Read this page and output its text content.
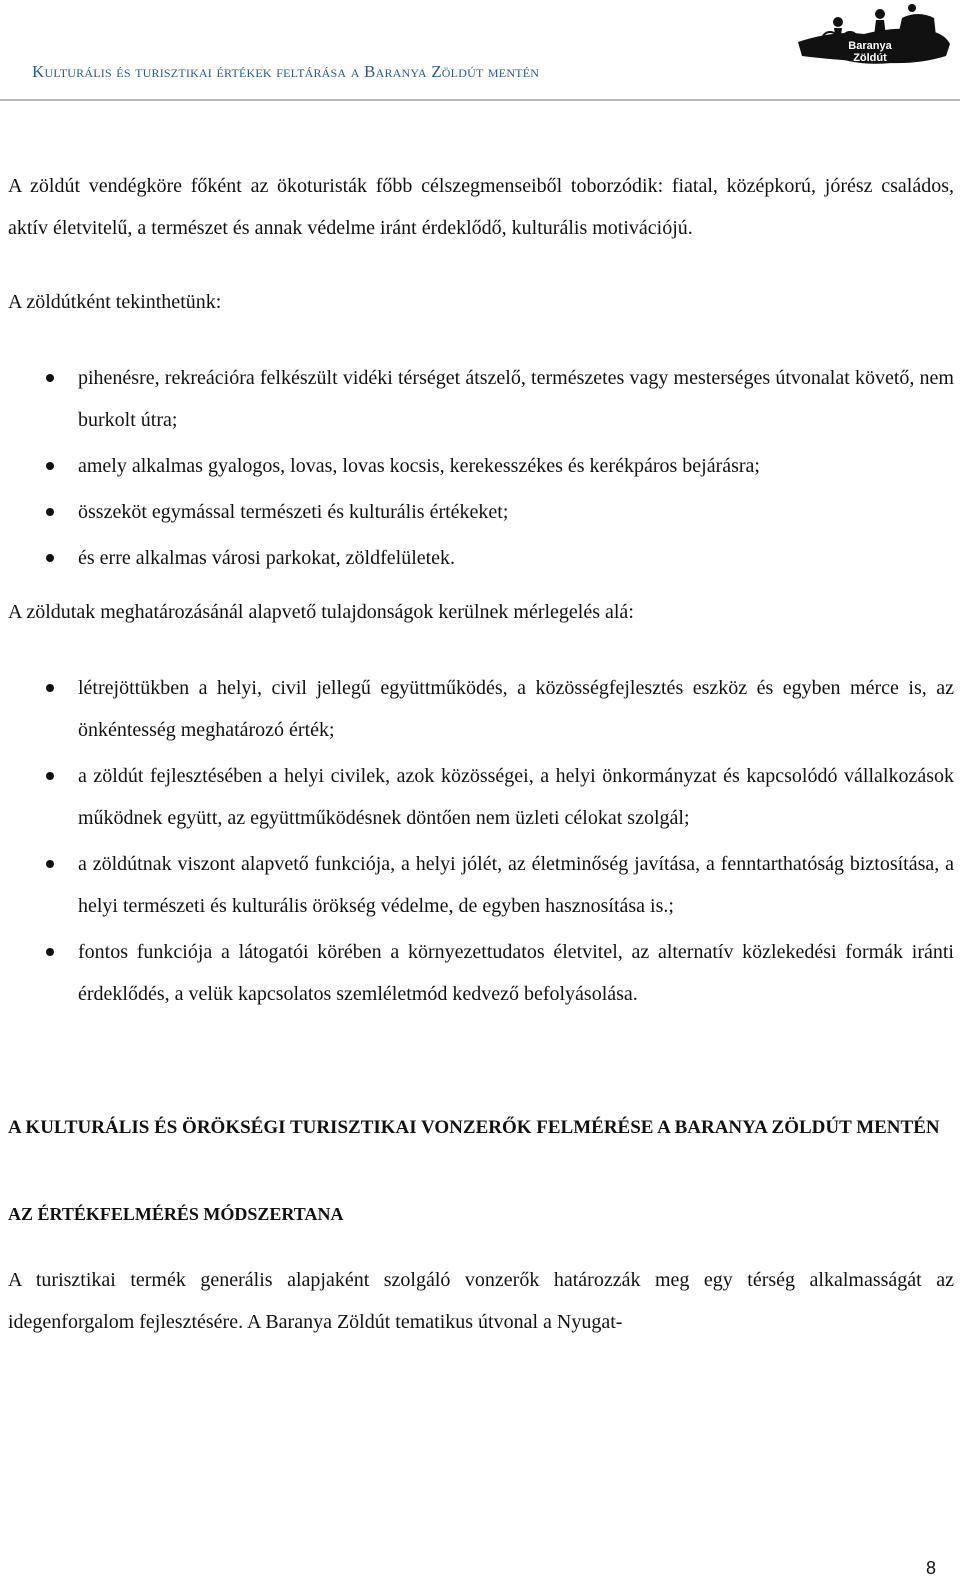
Kulturális és turisztikai értékek feltárása a Baranya Zöldút mentén
Baranya Zöldút

A zöldút vendégköre főként az ökoturisták főbb célszegmenseiből toborzódik: fiatal, középkorú, jórész családos, aktív életvitelű, a természet és annak védelme iránt érdeklődő, kulturális motivációjú.

A zöldútként tekinthetünk:

pihenésre, rekreációra felkészült vidéki térséget átszelő, természetes vagy mesterséges útvonalat követő, nem burkolt útra;
amely alkalmas gyalogos, lovas, lovas kocsis, kerekesszékes és kerékpáros bejárásra;
összeköt egymással természeti és kulturális értékeket;
és erre alkalmas városi parkokat, zöldfelületek.

A zöldutak meghatározásánál alapvető tulajdonságok kerülnek mérlegelés alá:

létrejöttükben a helyi, civil jellegű együttműködés, a közösségfejlesztés eszköz és egyben mérce is, az önkéntesség meghatározó érték;
a zöldút fejlesztésében a helyi civilek, azok közösségei, a helyi önkormányzat és kapcsolódó vállalkozások működnek együtt, az együttműködésnek döntően nem üzleti célokat szolgál;
a zöldútnak viszont alapvető funkciója, a helyi jólét, az életminőség javítása, a fenntarthatóság biztosítása, a helyi természeti és kulturális örökség védelme, de egyben hasznosítása is.;
fontos funkciója a látogatói körében a környezettudatos életvitel, az alternatív közlekedési formák iránti érdeklődés, a velük kapcsolatos szemléletmód kedvező befolyásolása.
A KULTURÁLIS ÉS ÖRÖKSÉGI TURISZTIKAI VONZERŐK FELMÉRÉSE A BARANYA ZÖLDÚT MENTÉN
AZ ÉRTÉKFELMÉRÉS MÓDSZERTANA

A turisztikai termék generális alapjaként szolgáló vonzerők határozzák meg egy térség alkalmasságát az idegenforgalom fejlesztésére. A Baranya Zöldút tematikus útvonal a Nyugat-

8
